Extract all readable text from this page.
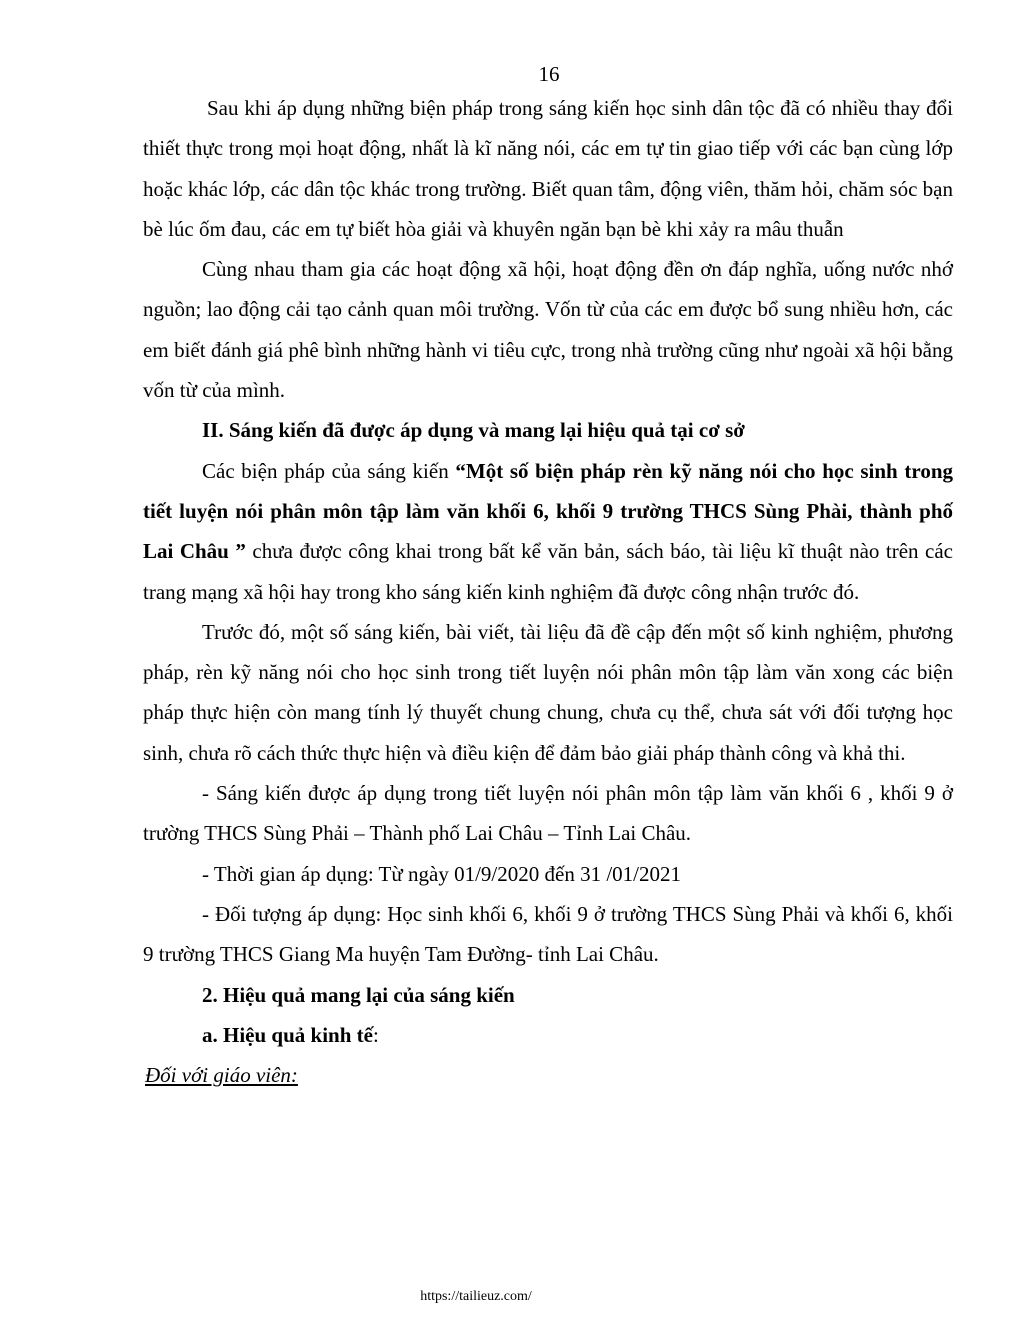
16

Sau khi áp dụng những biện pháp trong sáng kiến học sinh dân tộc đã có nhiều thay đổi thiết thực trong mọi hoạt động, nhất là kĩ năng nói, các em tự tin giao tiếp với các bạn cùng lớp hoặc khác lớp, các dân tộc khác trong trường. Biết quan tâm, động viên, thăm hỏi, chăm sóc bạn bè lúc ốm đau, các em tự biết hòa giải và khuyên ngăn bạn bè khi xảy ra mâu thuẫn

Cùng nhau tham gia các hoạt động xã hội, hoạt động đền ơn đáp nghĩa, uống nước nhớ nguồn; lao động cải tạo cảnh quan môi trường. Vốn từ của các em được bổ sung nhiều hơn, các em biết đánh giá phê bình những hành vi tiêu cực, trong nhà trường cũng như ngoài xã hội bằng vốn từ của mình.

II. Sáng kiến đã được áp dụng và mang lại hiệu quả tại cơ sở

Các biện pháp của sáng kiến “Một số biện pháp rèn kỹ năng nói cho học sinh trong tiết luyện nói phân môn tập làm văn khối 6, khối 9 trường THCS Sùng Phài, thành phố Lai Châu ” chưa được công khai trong bất kể văn bản, sách báo, tài liệu kĩ thuật nào trên các trang mạng xã hội hay trong kho sáng kiến kinh nghiệm đã được công nhận trước đó.

Trước đó, một số sáng kiến, bài viết, tài liệu đã đề cập đến một số kinh nghiệm, phương pháp, rèn kỹ năng nói cho học sinh trong tiết luyện nói phân môn tập làm văn xong các biện pháp thực hiện còn mang tính lý thuyết chung chung, chưa cụ thể, chưa sát với đối tượng học sinh, chưa rõ cách thức thực hiện và điều kiện để đảm bảo giải pháp thành công và khả thi.

- Sáng kiến được áp dụng trong tiết luyện nói phân môn tập làm văn khối 6 , khối 9 ở trường THCS Sùng Phải – Thành phố Lai Châu – Tỉnh Lai Châu.

- Thời gian áp dụng: Từ ngày 01/9/2020 đến 31 /01/2021

- Đối tượng áp dụng: Học sinh khối 6, khối 9 ở trường THCS Sùng Phải và khối 6, khối 9 trường THCS Giang Ma huyện Tam Đường- tỉnh Lai Châu.

2. Hiệu quả mang lại của sáng kiến

a. Hiệu quả kinh tế:

Đối với giáo viên:

https://tailieuz.com/
